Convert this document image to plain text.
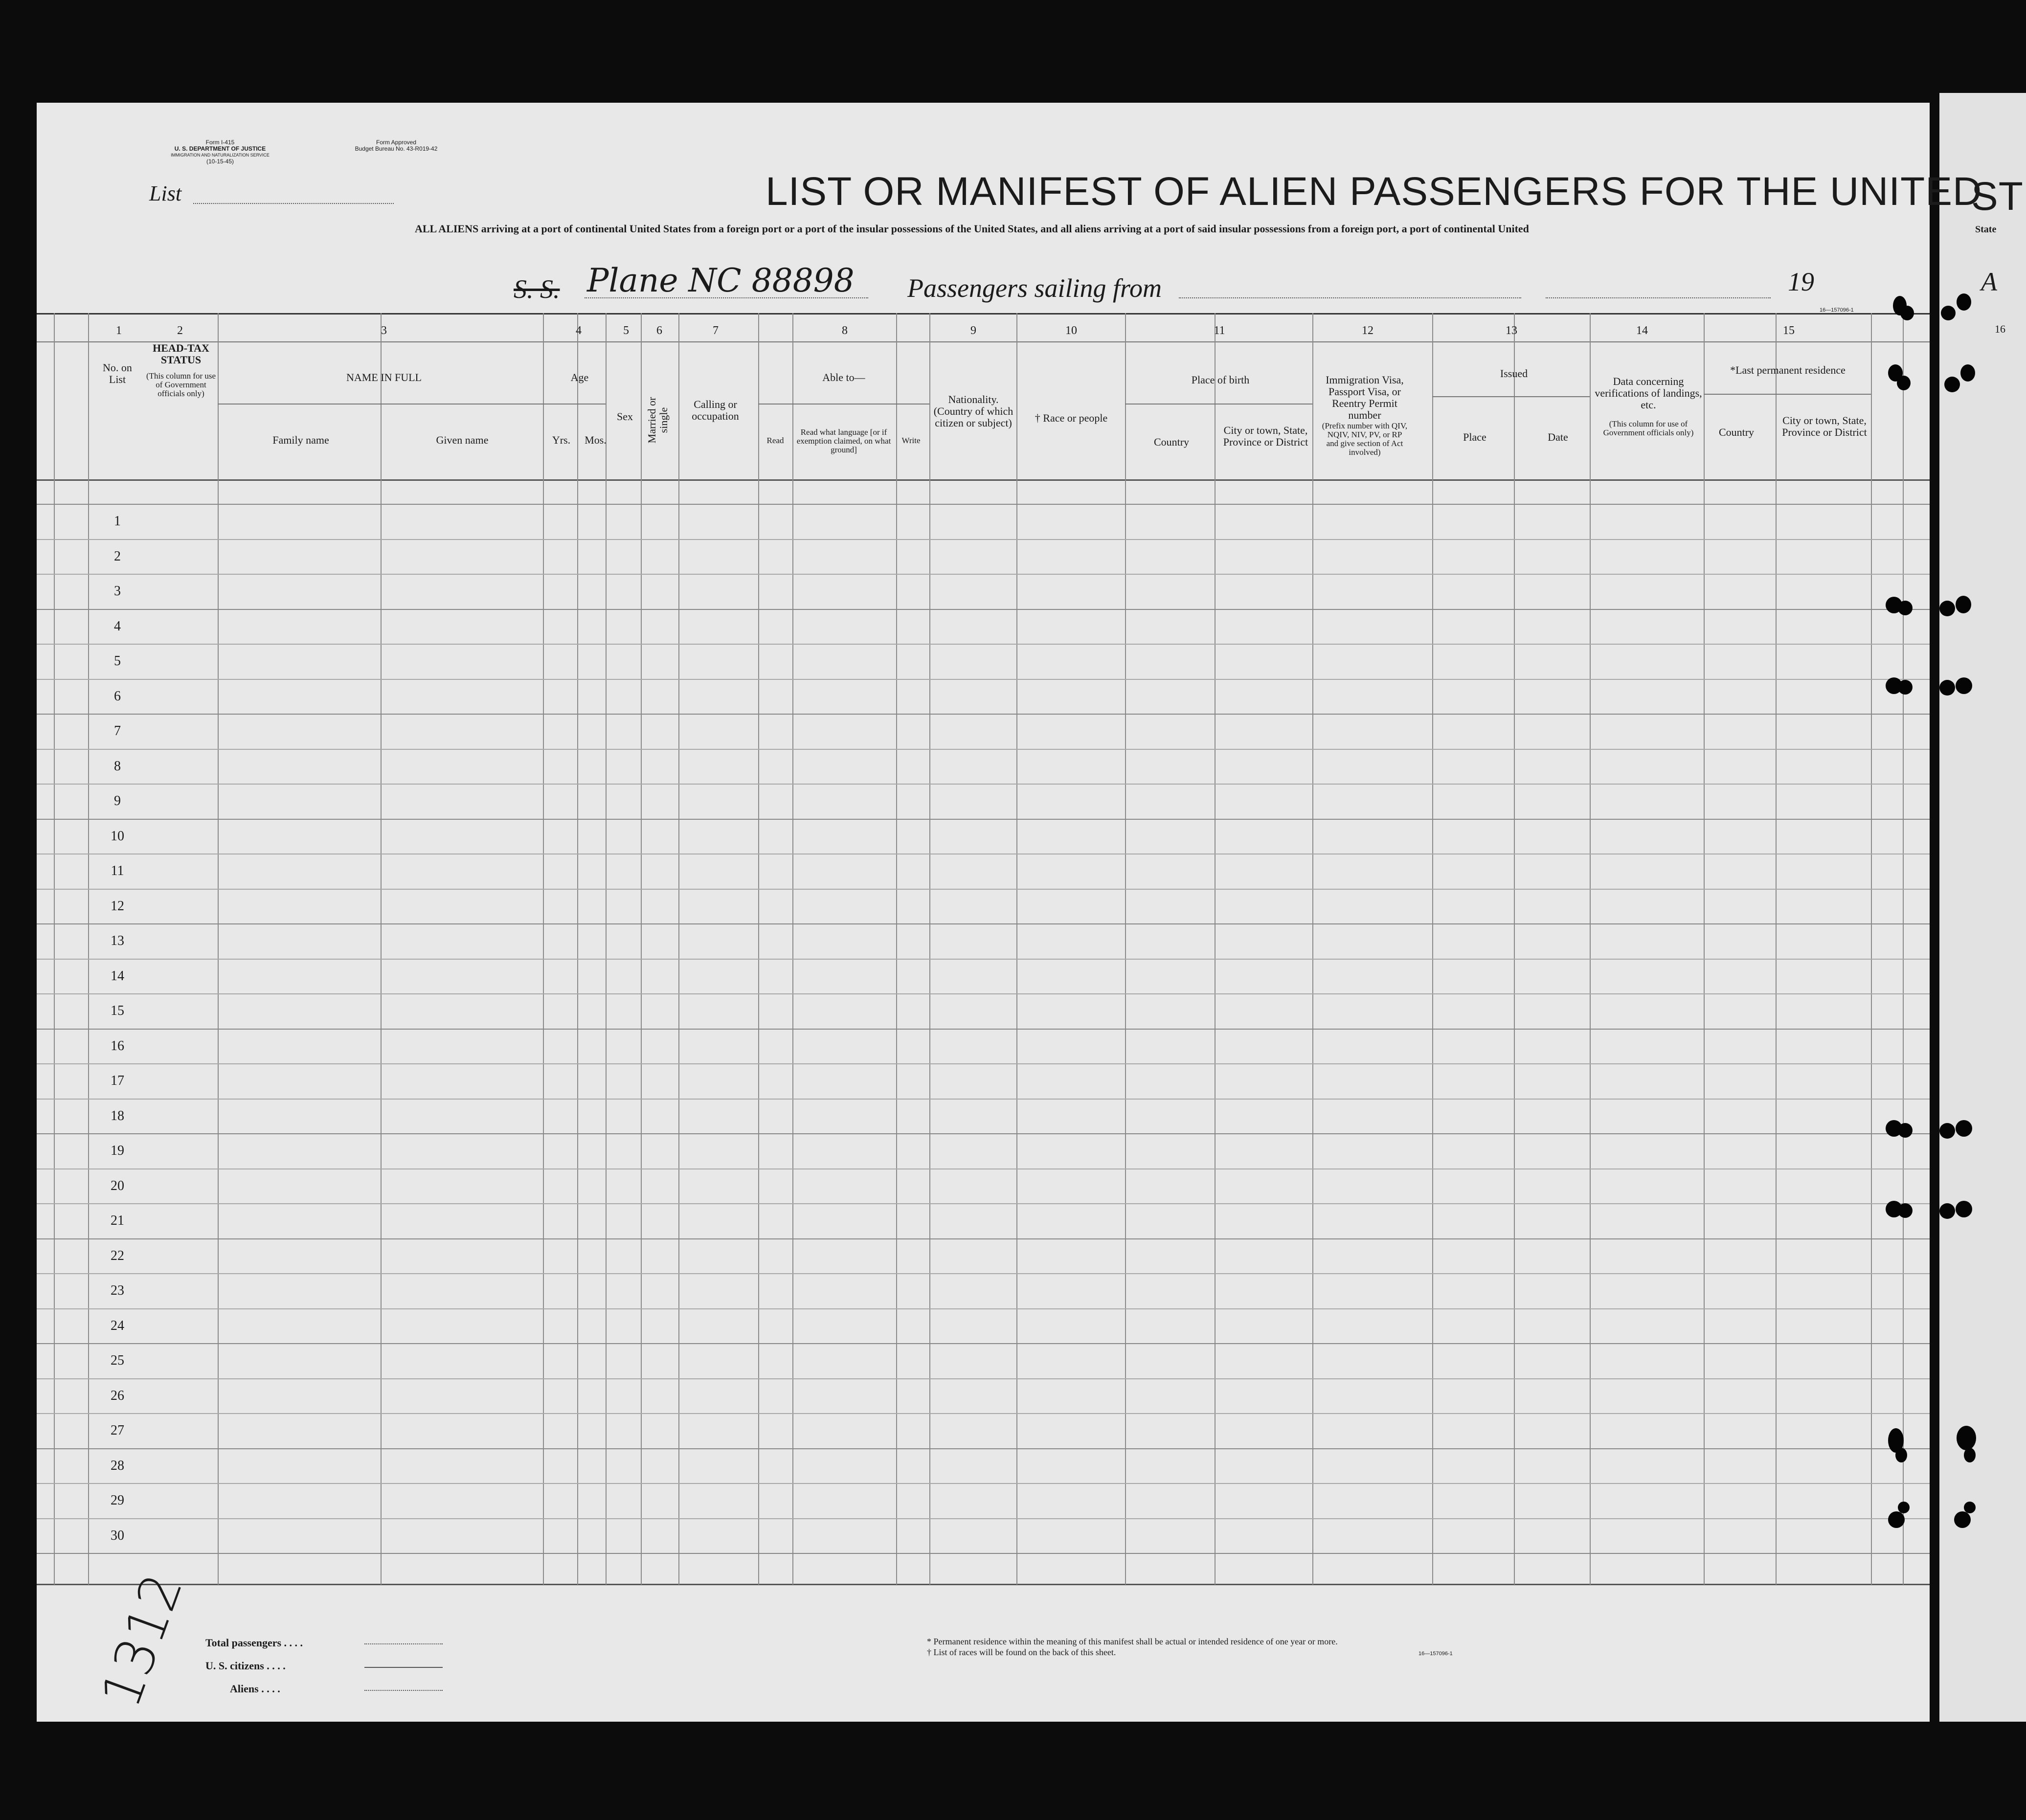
Form I-415
U. S. DEPARTMENT OF JUSTICE
IMMIGRATION AND NATURALIZATION SERVICE
(10-15-45)
Form Approved
Budget Bureau No. 43-R019-42
List	LIST OR MANIFEST OF ALIEN PASSENGERS FOR THE UNITED
ALL ALIENS arriving at a port of continental United States from a foreign port or a port of the insular possessions of the United States, and all aliens arriving at a port of said insular possessions from a foreign port, a port of continental United
S. S. Plane NC 88898 Passengers sailing from	19
16—157096-1
1	2	3	4	5	6	7	8	9	10	11	12	13	14	15
No. on List
HEAD-TAX STATUS
(This column for use of Government officials only)
NAME IN FULL
Family name	Given name
Age
Yrs.	Mos.
Sex	Married or single
Calling or occupation
Able to—
Read
Read what language [or if exemption claimed, on what ground]
Write
Nationality. (Country of which citizen or subject)	† Race or people
Place of birth
Country
City or town, State, Province or District
Immigration Visa, Passport Visa, or Reentry Permit number
(Prefix number with QIV, NQIV, NIV, PV, or RP and give section of Act involved)
Issued
Place	Date
Data concerning verifications of landings, etc.
(This column for use of Government officials only)
*Last permanent residence
Country
City or town, State, Province or District
1
2
3
4
5
6
7
8
9
10
11
12
13
14
15
16
17
18
19
20
21
22
23
24
25
26
27
28
29
30
Total passengers . . . .
U. S. citizens . . . .
Aliens . . . .
* Permanent residence within the meaning of this manifest shall be actual or intended residence of one year or more.
† List of races will be found on the back of this sheet.	16—157096-1
1312
ST
State
A
16
